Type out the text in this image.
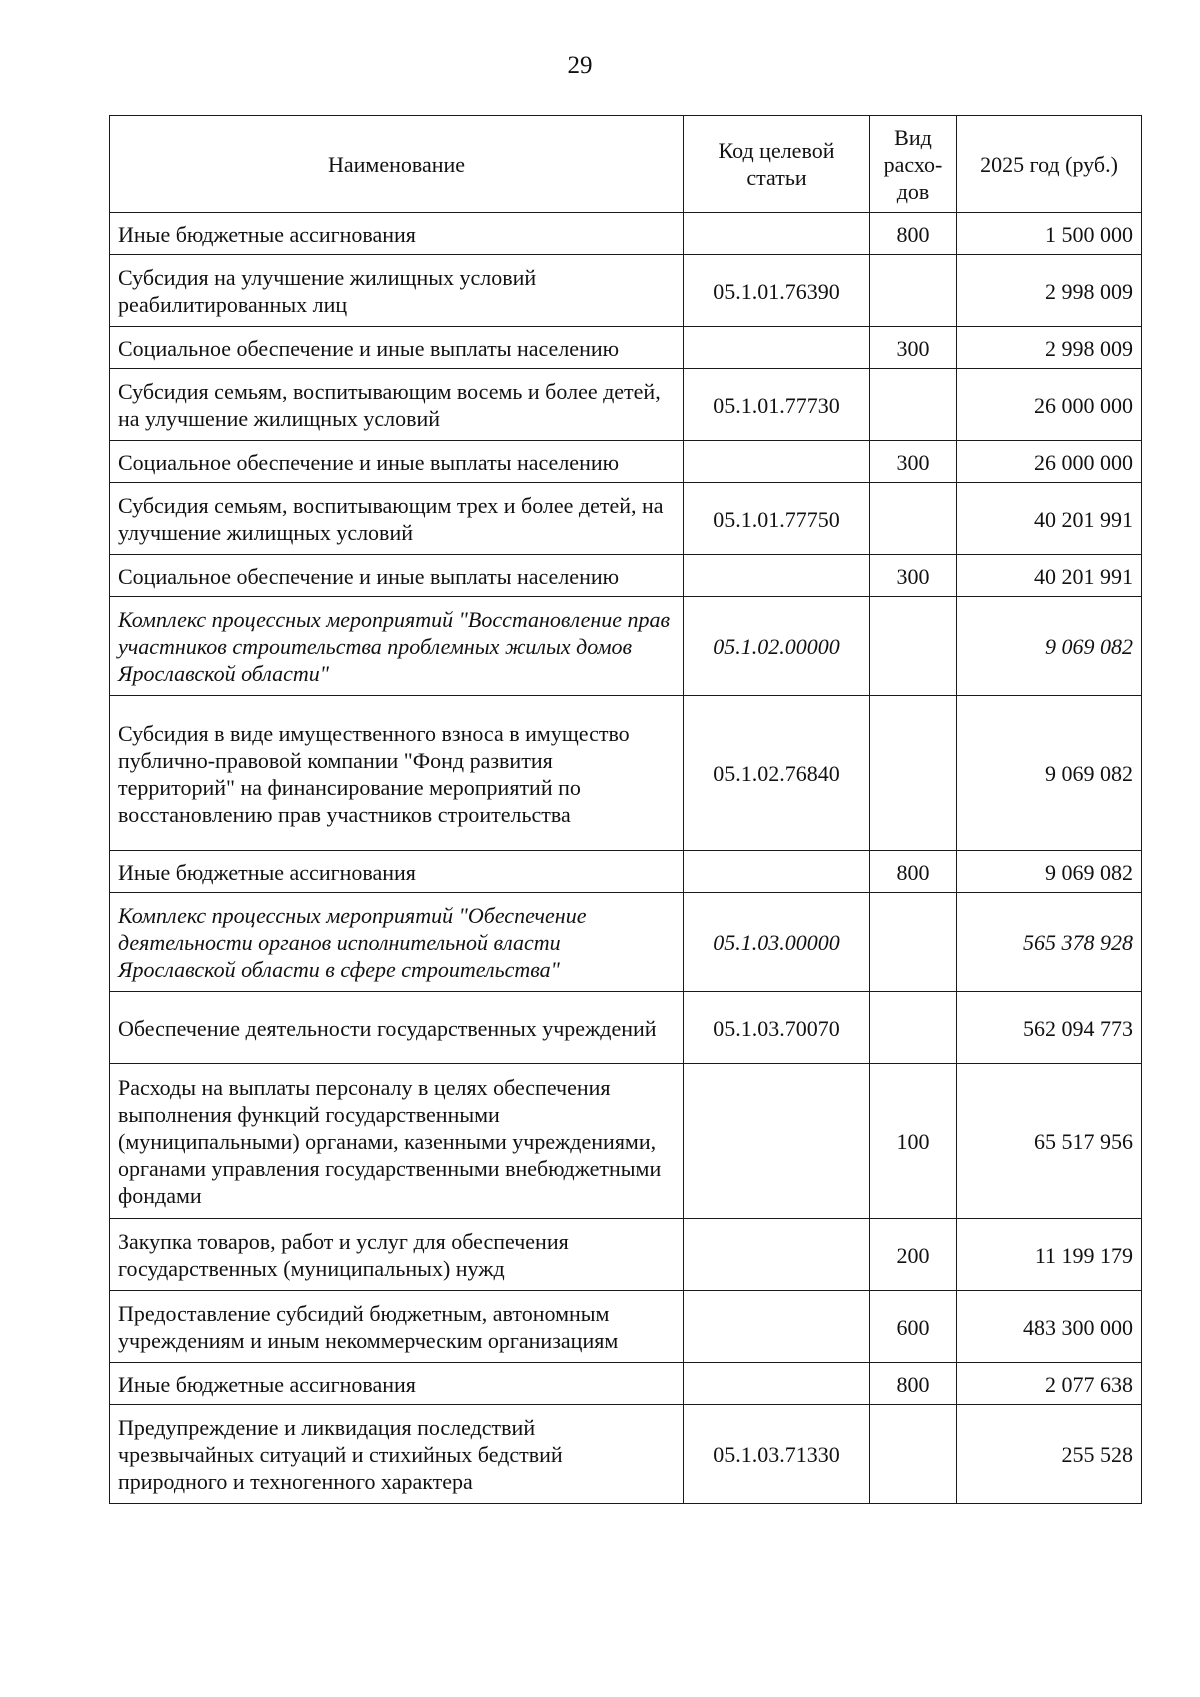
29
Наименование	Код целевой статьи	Вид расхо-дов	2025 год (руб.)
Иные бюджетные ассигнования		800	1 500 000
Субсидия на улучшение жилищных условий реабилитированных лиц	05.1.01.76390		2 998 009
Социальное обеспечение и иные выплаты населению		300	2 998 009
Субсидия семьям, воспитывающим восемь и более детей, на улучшение жилищных условий	05.1.01.77730		26 000 000
Социальное обеспечение и иные выплаты населению		300	26 000 000
Субсидия семьям, воспитывающим трех и более детей, на улучшение жилищных условий	05.1.01.77750		40 201 991
Социальное обеспечение и иные выплаты населению		300	40 201 991
Комплекс процессных мероприятий "Восстановление прав участников строительства проблемных жилых домов Ярославской области"	05.1.02.00000		9 069 082
Субсидия в виде имущественного взноса в имущество публично-правовой компании "Фонд развития территорий" на финансирование мероприятий по восстановлению прав участников строительства	05.1.02.76840		9 069 082
Иные бюджетные ассигнования		800	9 069 082
Комплекс процессных мероприятий "Обеспечение деятельности органов исполнительной власти Ярославской области в сфере строительства"	05.1.03.00000		565 378 928
Обеспечение деятельности государственных учреждений	05.1.03.70070		562 094 773
Расходы на выплаты персоналу в целях обеспечения выполнения функций государственными (муниципальными) органами, казенными учреждениями, органами управления государственными внебюджетными фондами		100	65 517 956
Закупка товаров, работ и услуг для обеспечения государственных (муниципальных) нужд		200	11 199 179
Предоставление субсидий бюджетным, автономным учреждениям и иным некоммерческим организациям		600	483 300 000
Иные бюджетные ассигнования		800	2 077 638
Предупреждение и ликвидация последствий чрезвычайных ситуаций и стихийных бедствий природного и техногенного характера	05.1.03.71330		255 528
